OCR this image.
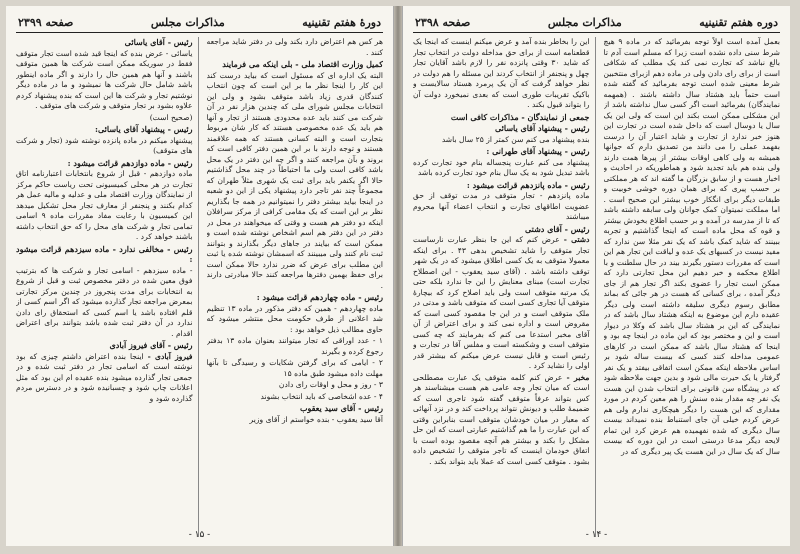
دورهٔ هفتم تقنینیه
مذاکرات مجلس
صفحه ۲۳۹۹

هر کس هم اعتراض دارد بکند ولی در دفتر شاید مراجعه کنند .

کمیل وزارت اقتصاد ملی - بلی اینکه می فرمایند

البته یک اداره ای که مسئول است که بیاید درست کند این کار را اینجا نظر ما بر این است که چون انتخاب کنندگان قدری زیاد باشد متوقف بشود و ولی این انتخابات مجلس شورای ملی که چندین هزار نفر در آن شرکت می کنند باید عده محدودی هستند از تجار و آنها هم باید یک عده مخصوصی هستند که کار شان مربوط بتجارت است و البته کسانی هستند که همه علاقمند هستند و توجه دارند با بر این همین دفتر کافی است که بروند و بآن مراجعه کنند و اگر چه این دفتر در یک محل باشد کافی است ولی ما احتیاطاً در چند محل گذاشتیم حالا اگر یکنفر باید برای ثبت یک شهری مثلاً طهران که مجموعاً چند نفر تاجر دارد پیشنهاد یکی از این دو شعبه در اینجا بیاید بیشتر دفتر را نمیتوانیم در همه جا بگذاریم نظر بر این است که یک مقامی کرافی از مرکز سرافلان اینکه دو دفتر هم هست و وقتی که میخواهند در محل در دفتر در این دفتر هم اسم اشخاص نوشته شده است و ممکن است که بیایند در جاهای دیگر بگذارند و بتوانند ثبت نام کنند ولی میبینند که اسمشان نوشته شده یا ثبت این مطلب برای عرض که ضرر ندارد حالا ممکن است برای حفظ بهمین دفترها مراجعه کنند حالا مبادرتی دارند .

رئیس - ماده چهاردهم قرائت میشود :

ماده چهاردهم - همین که دفتر مذکور در ماده ۱۳ تنظیم شد اعلانی از طرف حکومت محل منتشر میشود که حاوی مطالب ذیل خواهد بود :

۱ - عدد اوراقی که تجار میتوانند بعنوان ماده ۱۳ بدفتر رجوع کرده و بگیرند

۲ - ایامی که برای گرفتن شکایات و رسیدگی تا بآنها مهلت داده میشود طبق ماده ۱۵

۳ - روز و محل و اوقات رای دادن

۴ - عده اشخاصی که باید انتخاب بشوند

رئیس - آقای سید یعقوب

آقا سید یعقوب - بنده خواستم از آقای وزیر

رئیس - آقای یاسائی

یاسائی - عرض بنده که اینجا قید شده است تجار متوقف فقط در سوریکه ممکن است شرکت ها همین متوقف باشند و آنها هم همین حال را دارند و اگر ماده اینطور باشد شامل حال شرکت ها نمیشود و ما در ماده دیگر نوشتیم تجار و شرکت ها این است که بنده پیشنهاد کردم علاوه بشود بر تجار متوقف و شرکت های متوقف .

(صحیح است)

رئیس - پیشنهاد آقای یاسائی:

پیشنهاد میکنم در ماده پانزده نوشته شود (تجار و شرکت های متوقف)

رئیس - ماده دوازدهم قرائت میشود :

ماده دوازدهم - قبل از شروع بانتخابات اعتبارنامه اتاق تجارت در هر محلی کمیسیونی تحت ریاست حاکم مرکز از نمایندگان وزارت اقتصاد ملی و عدلیه و مالیه عمل هر کدام بکنند و پنجنفر از معارف تجار محل تشکیل میدهد این کمیسیون با رعایت مفاد مقررات ماده ۹ اسامی تمامی تجار و شرکت های محل را که حق انتخاب داشته باشند خواهد کرد .

رئیس - مخالفی ندارد - ماده سیزدهم قرائت میشود :

- ماده سیزدهم - اسامی تجار و شرکت ها که بترتیب فوق معین شده در دفتر مخصوص ثبت و قبل از شروع به انتخابات برای مدت پنجروز در چندین مرکز تجارتی بمعرض مراجعه تجار گذارده میشود که اگر اسم کسی از قلم افتاده باشد یا اسم کسی که استحقاق رای دادن ندارد در آن دفتر ثبت شده باشد بتوانند برای اعتراض اقدام .

رئیس - آقای فیروز آبادی

فیروز آبادی - اینجا بنده اعتراض داشتم چیزی که بود نوشته است که اسامی تجار در دفتر ثبت شده و در جمعی تجار گذارده میشود بنده عقیده ام این بود که مثل اعلانات چاپ شود و چسبانیده شود و در دسترس مردم گذارده شود و

- ۱۵ -
دوره هفتم تقنینیه
مذاکرات مجلس
صفحه ۲۳۹۸

بعمل آمده است اولاً توجه بفرمائید که در ماده ۹ هیچ شرط سنی داده نشده است زیرا که مسلم است آدم تا بالغ نباشد که تجارت نمی کند یک مطلب که شکافی است از برای رای دادن ولی در ماده دهم ازبرای منتخبین شرط معینی شده است توجه بفرمائید که گفته شده است حتماً باید هشتاد سال داشته باشند . (همهمه نمایندگان) بفرمائید است اگر کسی سال نداشته باشد از این مشکلی ممکن است بکند این است که ولی این یک سال یا دوسال است که داخل شده است در تجارت این هنوز خبر ندارد از تجارت و شاید اعتبار آن را درست بفهمد عملی را می دانند من تصدیق دارم که جوانها همیشه به ولی کاهی اوقات بیشتر از پیرها همت دارند ولی بنده هم باید تجدید شود و هماطوریکه در احادیث و اخبار هست و از سابق بزرگان ما گفته اند که هر مملکتی بر حسب پیری که برای همان دوره خوشی خوبیت و طبقات دیگر برای انگکار خوب بیشتر این صحیح است . اما مملکت نمیتوان کمک جوانان ولی سابقه داشته باشد که تا از مدرسه در آمده و بر حسب اطلاع بخودش بیشتر و قوه که محل ماده است که اینجا گذاشتیم و تجربه ببینند که شاید کمک باشد که یک نفر مثلا سن ندارد که مفید نیست در کسبهای یک عده و لیاقت این تجار هم این است که مقررات دستور بگیرند بیند در حال سلطنت و با اطلاع محکمه و خبر دهیم این محل تجارتی دارد که ممکن است تجار را عضوی بکند اگر تجار هم از جای دیگر آمده ، برای کسانی که هست در هر جائی که بماند مطابق رسوم دیگری سلیقه داشته است ولی دیگر عقیده دارم این موضوع به اینکه هشتاد سال باشد که در نمایندگی که این بر هشتاد سال باشد که وکلا در دیوار است و این و مختصر بود که این ماده در اینجا چه بود و اینجا که هشتاد سال باشد که ممکن است در کارهای عمومی مداخله کنند کسی که بیست ساله شود بر اساس ملاحظه اینکه ممکن است اتفاقی بیفتد و یک نفر گرفتار یا یک حیرت مالی شود و بدین جهت ملاحظه شود که در پیشگاه سن قانونی برای انتخاب شدن این هست یک نفر چه مقدار بنده سنش را هم معین کردم در مورد مقداری که این هست را دیگر هیچکاری ندارم ولی هم عرض کردم خیلی آن جای استنباط بنده نمیداند بیست سال دیگری که شده نفهمیده هم عرض کرد این تمام لایحه دیگر مدعا درستی است در این دوره که بیست سال که یک سال در این هست یک پیر دیگری که در

این را بخاطر بنده آمد و عرض میکنم اینست که اینجا یک قطعنامه است از برای حق مداخله دولت در انتخاب تجار که شاید ۳۰ وقتی پانزده نفر را لازم باشد آقایان تجار چهل و پنجنفر از انتخاب کردند این مسئله را هم دولت در نظر خواهد گرفت که آن یک پرمرد هستاد سالایست و باکیک تقریبات طوری است که بعدی نمیخورد دولت آن را بتواند قبول بکند .

جمعی از نمایندگان - مذاکرات کافی است

رئیس - پیشنهاد آقای یاسائی

بنده پیشنهاد می کنم سن کمتر از ۲۵ سال باشد

رئیس - پیشنهاد آقای طهرانی :

پیشنهاد می کنم عبارت پنجساله بنام خود تجارت کرده باشد تبدیل شود به یک سال بنام خود تجارت کرده باشد

رئیس - ماده پانزدهم قرائت میشود :

ماده پانزدهم - تجار متوقف در مدت توقف از حق عضویت اطاقهای تجارت و انتخاب اعضاء آنها محروم میباشند

رئیس - آقای دشتی

دشتی - عرض کنم که این جا بنظر عبارت نارساست تجار متوقف را شاید تشخیص بدهی ۴۳ . برای اینکه معمولا متوقف به یک کسی اطلاق میشود که در یک شهر توقف داشته باشد . (آقای سید یعقوب - این اصطلاح تجارت است) مبنای معنایش را این جا ندارد بلکه حتی یک مرتبه متوقف است ولی باید اصلاح کرد که بیچارهٔ متوقف آیا تجاری کسی است که متوقف باشد و مدتی در ملک متوقف است و در این جا مقصود کسی است که مقروض است و اداره نمی کند و برای اعتراض از آن آقای مخبر استدعا می کنم که بفرمایند که چه کسی متوقف است و وشکسته است و مفلس آقا در تجارت و رئیس است و قابل نیست عرض میکنم که بیشتر قدر اولی را نشاید کرد .

مخبر - عرض کنم کلمه متوقف یک عبارت مصطلحی است که میان تجار وجه عامی هم هست میشناسند هر کس بتواند عرفاً متوقف گفته شود تاجری است که ضمیمهٔ طلب و دیونش نتواند پرداخت کند و در نزد آنهائی که معیار در میان خودشان متوقف است بنابراین وقتی که این عبارت را ما هم گذاشتیم عبارتی است که این حل مشکل را بکند و بیشتر هم آنچه مقصود بوده است با اتفاق خودمان اینست که تاجر متوقف را تشخیص داده بشود . متوقف کسی است که عملا باید بتواند بکند .

- ۱۴ -
